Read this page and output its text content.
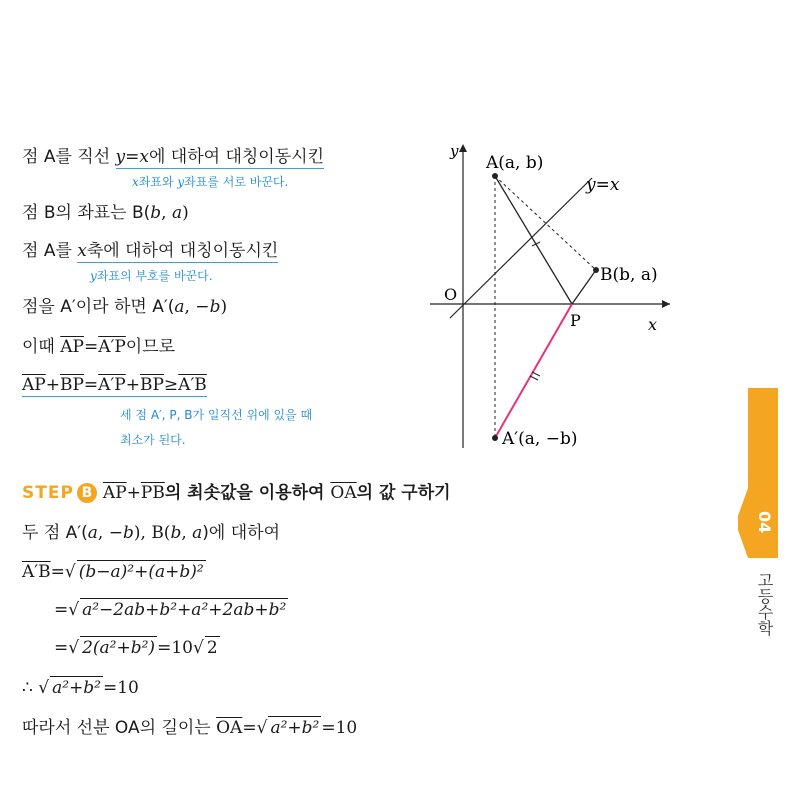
점 A를 직선 y=x에 대하여 대칭이동시킨
x좌표와 y좌표를 서로 바꾼다.
점 B의 좌표는 B(b, a)
점 A를 x축에 대하여 대칭이동시킨
y좌표의 부호를 바꾼다.
점을 A′이라 하면 A′(a, −b)
이때 $\overline{AP}=A'P$이므로
$\overline{AP}+\overline{BP}=A'P+\overline{BP}\ge A'B$
세 점 A′, P, B가 일직선 위에 있을 때
최소가 된다.
y
x
O
y=x
A(a, b)
B(b, a)
P
A′(a, −b)
STEP B $\overline{AP}+\overline{PB}$의 최솟값을 이용하여 $\overline{OA}$의 값 구하기
두 점 A′(a, −b), B(b, a)에 대하여
A′B=√ (b−a)²+(a+b)²
=√ a²−2ab+b²+a²+2ab+b²
=√ 2(a²+b²) =10√ 2
∴ √ a²+b² =10
따라서 선분 OA의 길이는 $\overline{OA}=√$ a²+b² =10
04
고등수학
